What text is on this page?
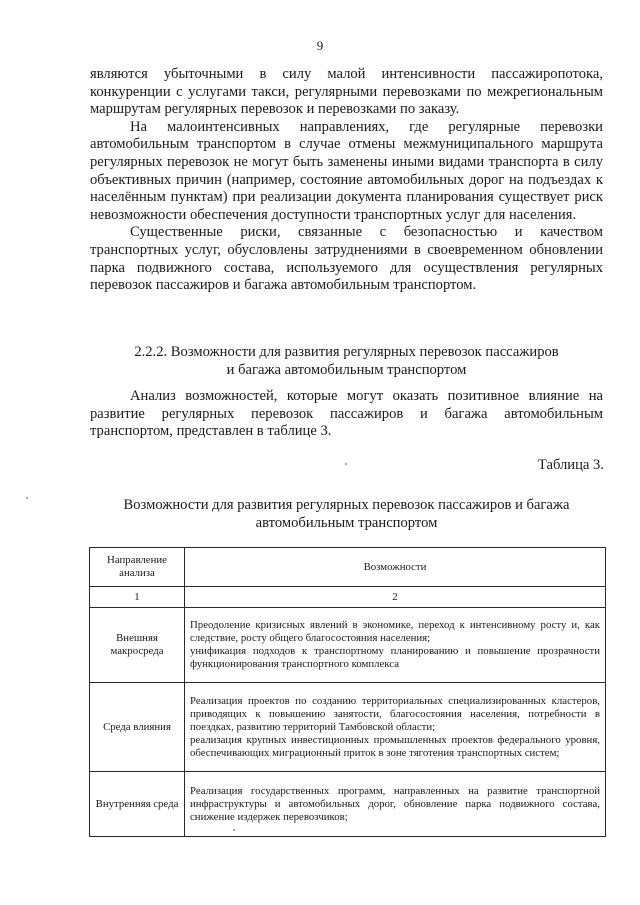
9

являются убыточными в силу малой интенсивности пассажиропотока, конкуренции с услугами такси, регулярными перевозками по межрегиональным маршрутам регулярных перевозок и перевозками по заказу.

На малоинтенсивных направлениях, где регулярные перевозки автомобильным транспортом в случае отмены межмуниципального маршрута регулярных перевозок не могут быть заменены иными видами транспорта в силу объективных причин (например, состояние автомобильных дорог на подъездах к населённым пунктам) при реализации документа планирования существует риск невозможности обеспечения доступности транспортных услуг для населения.

Существенные риски, связанные с безопасностью и качеством транспортных услуг, обусловлены затруднениями в своевременном обновлении парка подвижного состава, используемого для осуществления регулярных перевозок пассажиров и багажа автомобильным транспортом.

2.2.2. Возможности для развития регулярных перевозок пассажиров
и багажа автомобильным транспортом

Анализ возможностей, которые могут оказать позитивное влияние на развитие регулярных перевозок пассажиров и багажа автомобильным транспортом, представлен в таблице 3.

Таблица 3.
Возможности для развития регулярных перевозок пассажиров и багажа
автомобильным транспортом
Направление анализа	Возможности
1	2
Внешняя макросреда	Преодоление кризисных явлений в экономике, переход к интенсивному росту и, как следствие, росту общего благосостояния населения;
унификация подходов к транспортному планированию и повышение прозрачности функционирования транспортного комплекса

Среда влияния	Реализация проектов по созданию территориальных специализированных кластеров, приводящих к повышению занятости, благосостояния населения, потребности в поездках, развитию территорий Тамбовской области;
реализация крупных инвестиционных промышленных проектов федерального уровня, обеспечивающих миграционный приток в зоне тяготения транспортных систем;

Внутренняя среда	Реализация государственных программ, направленных на развитие транспортной инфраструктуры и автомобильных дорог, обновление парка подвижного состава, снижение издержек перевозчиков;
